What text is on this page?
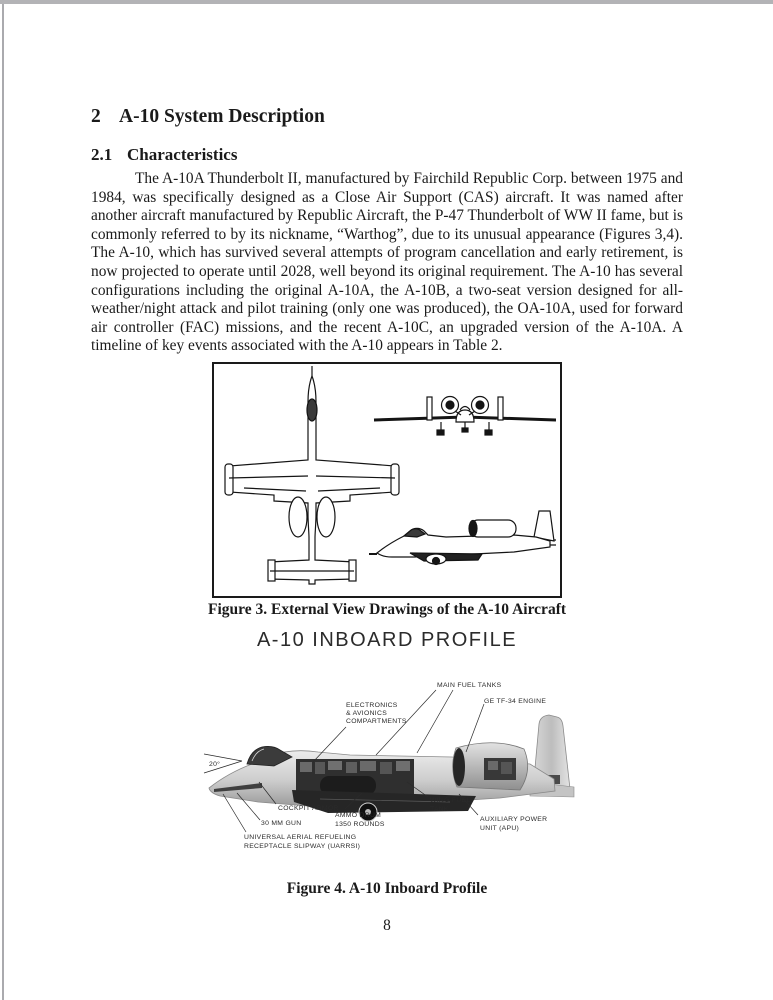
2 A-10 System Description
2.1 Characteristics

The A-10A Thunderbolt II, manufactured by Fairchild Republic Corp. between 1975 and 1984, was specifically designed as a Close Air Support (CAS) aircraft. It was named after another aircraft manufactured by Republic Aircraft, the P-47 Thunderbolt of WW II fame, but is commonly referred to by its nickname, “Warthog”, due to its unusual appearance (Figures 3,4). The A-10, which has survived several attempts of program cancellation and early retirement, is now projected to operate until 2028, well beyond its original requirement. The A-10 has several configurations including the original A-10A, the A-10B, a two-seat version designed for all-weather/night attack and pilot training (only one was produced), the OA-10A, used for forward air controller (FAC) missions, and the recent A-10C, an upgraded version of the A-10A. A timeline of key events associated with the A-10 appears in Table 2.

Figure 3. External View Drawings of the A-10 Aircraft
A-10 INBOARD PROFILE
MAIN FUEL TANKS
GE TF-34 ENGINE
ELECTRONICS
& AVIONICS
COMPARTMENTS
20°
COCKPIT ARMOR
30 MM GUN
UNIVERSAL AERIAL REFUELING
RECEPTACLE SLIPWAY (UARRSI)
AMMO DRUM
1350 ROUNDS
WING FUEL
TANK
AUXILIARY POWER
UNIT (APU)
Figure 4. A-10 Inboard Profile
8
